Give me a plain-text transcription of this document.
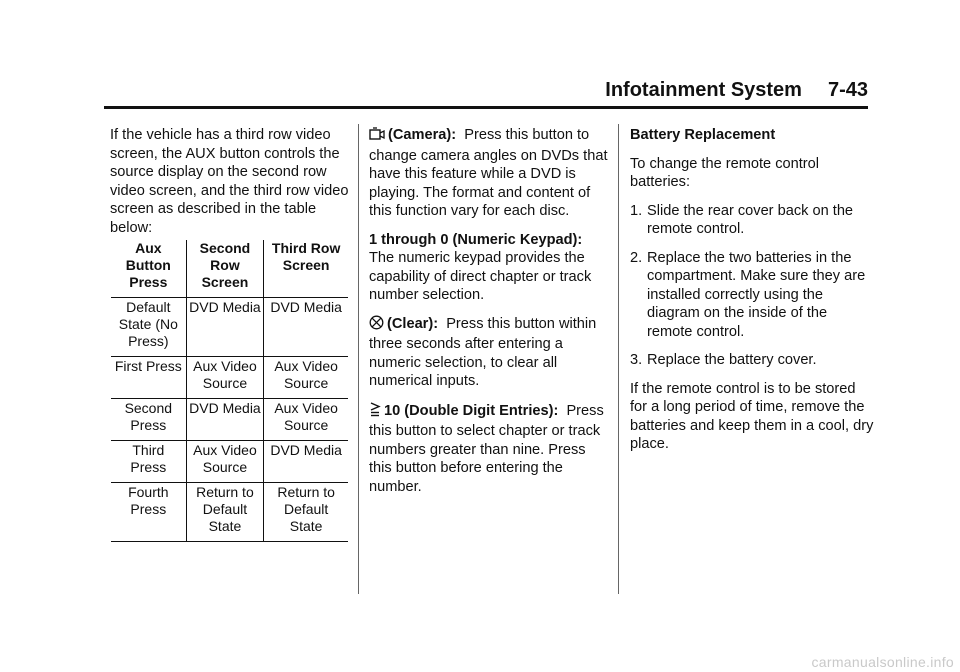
Infotainment System 7-43

If the vehicle has a third row video screen, the AUX button controls the source display on the second row video screen, and the third row video screen as described in the table below:

Aux Button Press	Second Row Screen	Third Row Screen
Default State (No Press)	DVD Media	DVD Media
First Press	Aux Video Source	Aux Video Source
Second Press	DVD Media	Aux Video Source
Third Press	Aux Video Source	DVD Media
Fourth Press	Return to Default State	Return to Default State

(Camera): Press this button to change camera angles on DVDs that have this feature while a DVD is playing. The format and content of this function vary for each disc.

1 through 0 (Numeric Keypad):
The numeric keypad provides the capability of direct chapter or track number selection.

(Clear): Press this button within three seconds after entering a numeric selection, to clear all numerical inputs.

10 (Double Digit Entries): Press this button to select chapter or track numbers greater than nine. Press this button before entering the number.

Battery Replacement

To change the remote control batteries:

1. Slide the rear cover back on the remote control.
2. Replace the two batteries in the compartment. Make sure they are installed correctly using the diagram on the inside of the remote control.
3. Replace the battery cover.

If the remote control is to be stored for a long period of time, remove the batteries and keep them in a cool, dry place.

carmanualsonline.info
